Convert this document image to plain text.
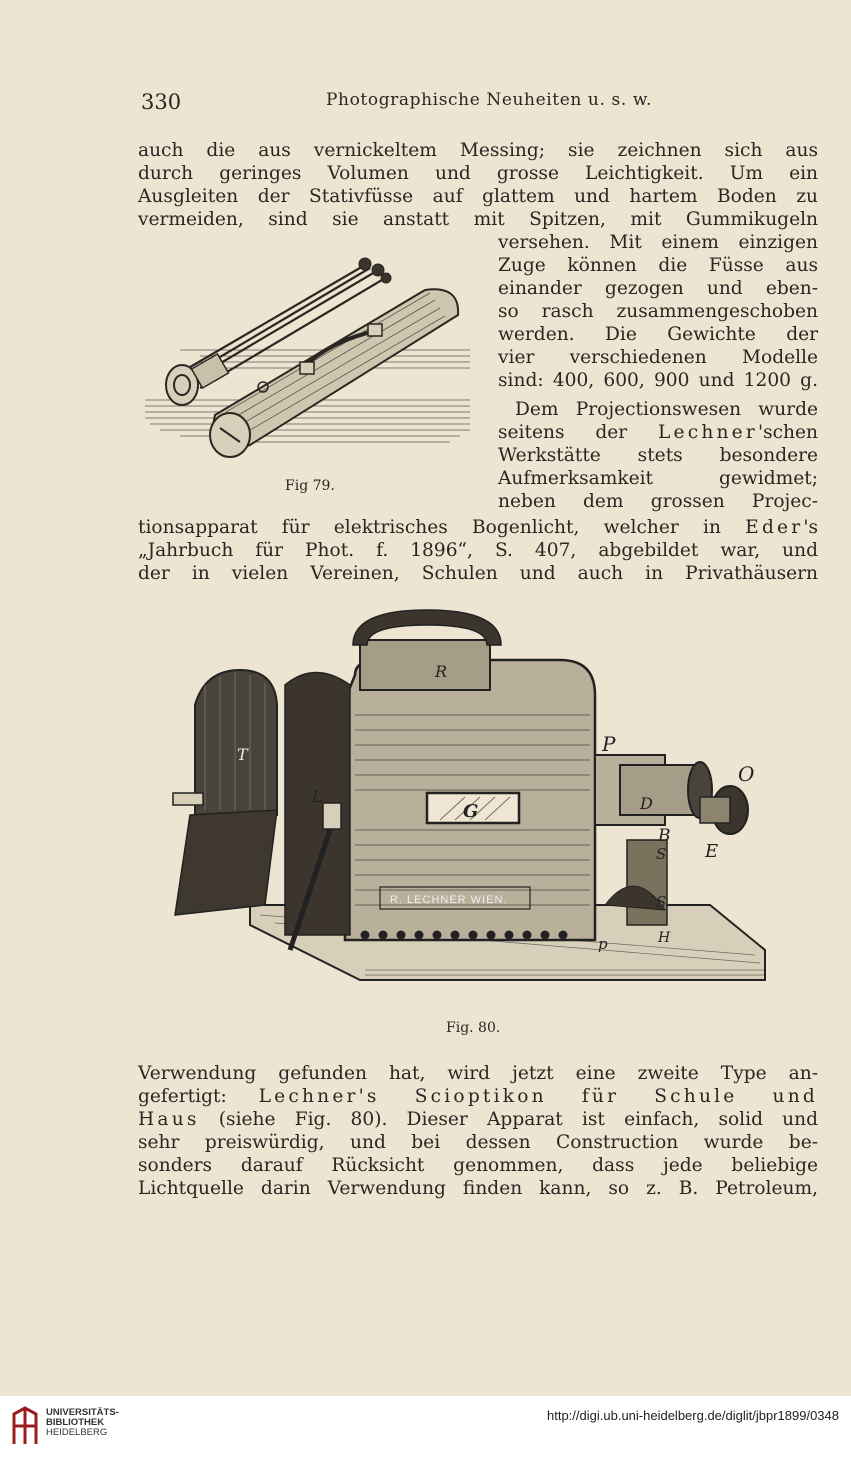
330	Photographische Neuheiten u. s. w.
auch die aus vernickeltem Messing; sie zeichnen sich aus
durch geringes Volumen und grosse Leichtigkeit. Um ein
Ausgleiten der Stativfüsse auf glattem und hartem Boden zu
vermeiden, sind sie anstatt mit Spitzen, mit Gummikugeln
versehen. Mit einem einzigen
Zuge können die Füsse aus
einander gezogen und eben-
so rasch zusammengeschoben
werden. Die Gewichte der
vier verschiedenen Modelle
sind: 400, 600, 900 und 1200 g.
Dem Projectionswesen wurde
seitens der Lechner'schen
Werkstätte stets besondere
Aufmerksamkeit gewidmet;
neben dem grossen Projec-
tionsapparat für elektrisches Bogenlicht, welcher in Eder's
„Jahrbuch für Phot. f. 1896“, S. 407, abgebildet war, und
der in vielen Vereinen, Schulen und auch in Privathäusern
Fig 79.
R
P
O
T
L
G	D
B
E
S
S
H
p
R. LECHNER WIEN.
Fig. 80.
Verwendung gefunden hat, wird jetzt eine zweite Type an-
gefertigt: Lechner's Scioptikon für Schule und
Haus (siehe Fig. 80). Dieser Apparat ist einfach, solid und
sehr preiswürdig, und bei dessen Construction wurde be-
sonders darauf Rücksicht genommen, dass jede beliebige
Lichtquelle darin Verwendung finden kann, so z. B. Petroleum,
UNIVERSITÄTS-
BIBLIOTHEK
HEIDELBERG
http://digi.ub.uni-heidelberg.de/diglit/jbpr1899/0348
